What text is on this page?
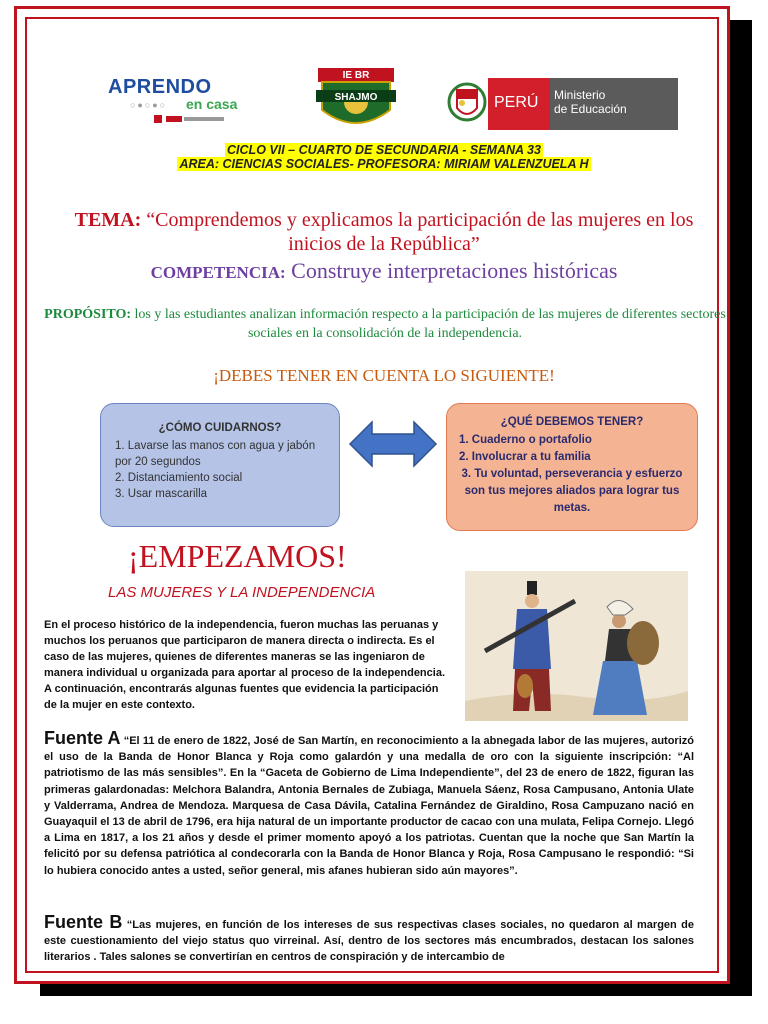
APRENDO
○●○●○ en casa
IE BR
SHAJMO	PERÚ	Ministerio
de Educación
CICLO VII – CUARTO DE SECUNDARIA - SEMANA 33
AREA: CIENCIAS SOCIALES- PROFESORA: MIRIAM VALENZUELA H
TEMA: “Comprendemos y explicamos la participación de las mujeres en los inicios de la República”
COMPETENCIA: Construye interpretaciones históricas
PROPÓSITO: los y las estudiantes analizan información respecto a la participación de las mujeres de diferentes sectores sociales en la consolidación de la independencia.
¡DEBES TENER EN CUENTA LO SIGUIENTE!
¿CÓMO CUIDARNOS?
1. Lavarse las manos con agua y jabón por 20 segundos
2. Distanciamiento social
3. Usar mascarilla
¿QUÉ DEBEMOS TENER?
1. Cuaderno o portafolio
2. Involucrar a tu familia
3. Tu voluntad, perseverancia y esfuerzo son tus mejores aliados para lograr tus metas.
¡EMPEZAMOS!
LAS MUJERES Y LA INDEPENDENCIA
En el proceso histórico de la independencia, fueron muchas las peruanas y muchos los peruanos que participaron de manera directa o indirecta. Es el caso de las mujeres, quienes de diferentes maneras se las ingeniaron de manera individual u organizada para aportar al proceso de la independencia. A continuación, encontrarás algunas fuentes que evidencia la participación de la mujer en este contexto.
Fuente A “El 11 de enero de 1822, José de San Martín, en reconocimiento a la abnegada labor de las mujeres, autorizó el uso de la Banda de Honor Blanca y Roja como galardón y una medalla de oro con la siguiente inscripción: “Al patriotismo de las más sensibles”. En la “Gaceta de Gobierno de Lima Independiente”, del 23 de enero de 1822, figuran las primeras galardonadas: Melchora Balandra, Antonia Bernales de Zubiaga, Manuela Sáenz, Rosa Campusano, Antonia Ulate y Valderrama, Andrea de Mendoza. Marquesa de Casa Dávila, Catalina Fernández de Giraldino, Rosa Campuzano nació en Guayaquil el 13 de abril de 1796, era hija natural de un importante productor de cacao con una mulata, Felipa Cornejo. Llegó a Lima en 1817, a los 21 años y desde el primer momento apoyó a los patriotas. Cuentan que la noche que San Martín la felicitó por su defensa patriótica al condecorarla con la Banda de Honor Blanca y Roja, Rosa Campusano le respondió: “Si lo hubiera conocido antes a usted, señor general, mis afanes hubieran sido aún mayores”.
Fuente B “Las mujeres, en función de los intereses de sus respectivas clases sociales, no quedaron al margen de este cuestionamiento del viejo status quo virreinal. Así, dentro de los sectores más encumbrados, destacan los salones literarios . Tales salones se convertirían en centros de conspiración y de intercambio de
